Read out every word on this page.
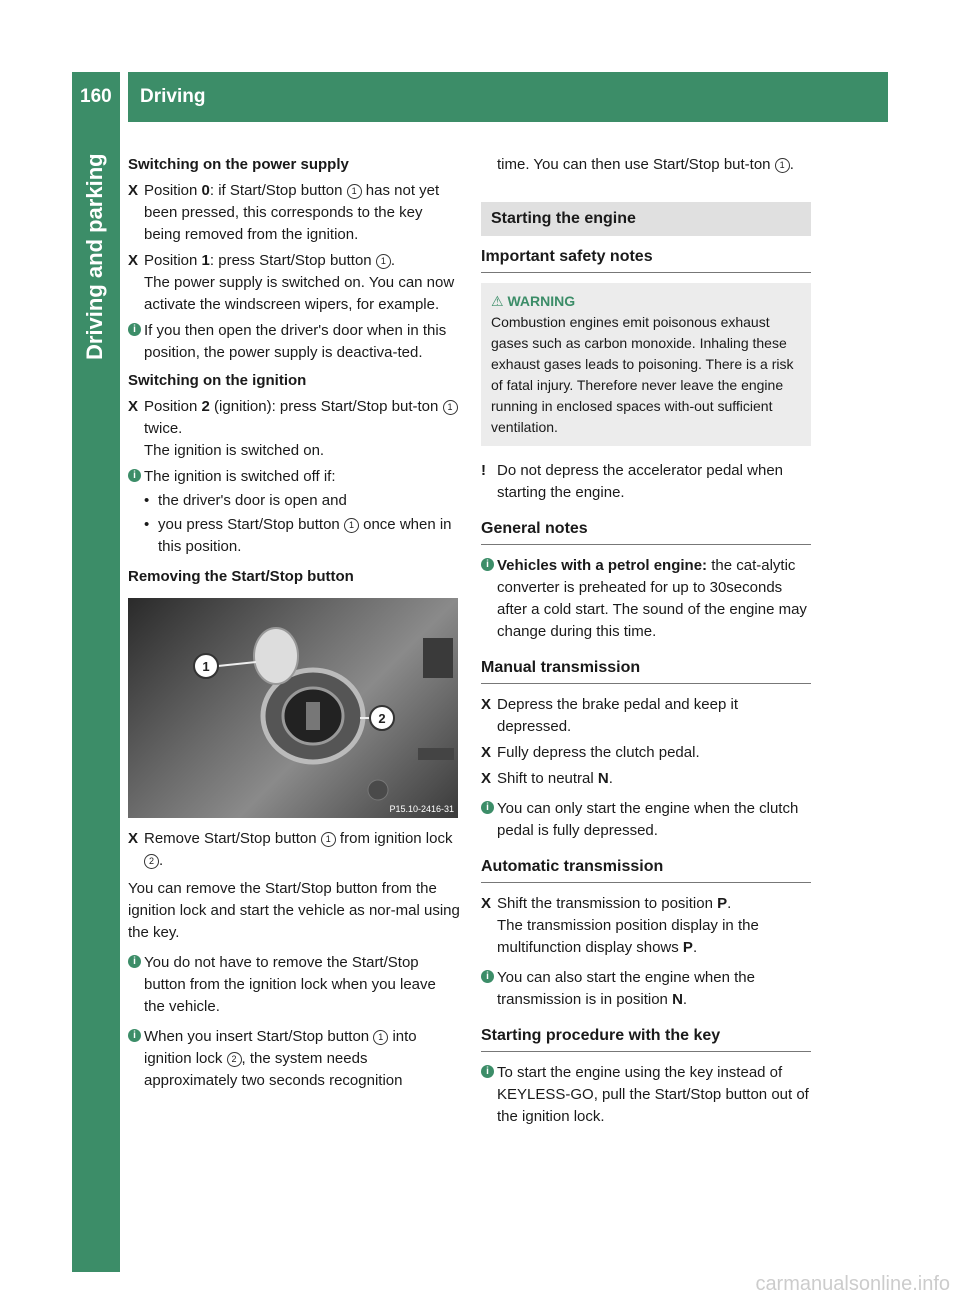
160 Driving
Driving and parking Switching on the power supply

X Position 0: if Start/Stop button 1 has not yet been pressed, this corresponds to the key being removed from the ignition.
X Position 1: press Start/Stop button 1 .
The power supply is switched on. You can now activate the windscreen wipers, for example.
i If you then open the driver's door when in this position, the power supply is deactiva-ted.

Switching on the ignition

X Position 2 (ignition): press Start/Stop but-ton 1 twice.
The ignition is switched on.
i The ignition is switched off if:
• the driver's door is open and
• you press Start/Stop button 1 once when in this position.

Removing the Start/Stop button

1
2
P15.10-2416-31
X Remove Start/Stop button 1 from ignition lock 2 .

You can remove the Start/Stop button from the ignition lock and start the vehicle as nor-mal using the key.

i You do not have to remove the Start/Stop button from the ignition lock when you leave the vehicle.
i When you insert Start/Stop button 1 into ignition lock 2 , the system needs approximately two seconds recognition

time. You can then use Start/Stop but-ton 1 .

Starting the engine
Important safety notes
⚠ WARNING
Combustion engines emit poisonous exhaust gases such as carbon monoxide. Inhaling these exhaust gases leads to poisoning. There is a risk of fatal injury. Therefore never leave the engine running in enclosed spaces with-out sufficient ventilation.
! Do not depress the accelerator pedal when starting the engine.
General notes
i Vehicles with a petrol engine: the cat-alytic converter is preheated for up to 30seconds after a cold start. The sound of the engine may change during this time.
Manual transmission
X Depress the brake pedal and keep it depressed.
X Fully depress the clutch pedal.
X Shift to neutral N.
i You can only start the engine when the clutch pedal is fully depressed.
Automatic transmission
X Shift the transmission to position P.
The transmission position display in the multifunction display shows P.
i You can also start the engine when the transmission is in position N.
Starting procedure with the key
i To start the engine using the key instead of KEYLESS-GO, pull the Start/Stop button out of the ignition lock.
carmanualsonline.info
